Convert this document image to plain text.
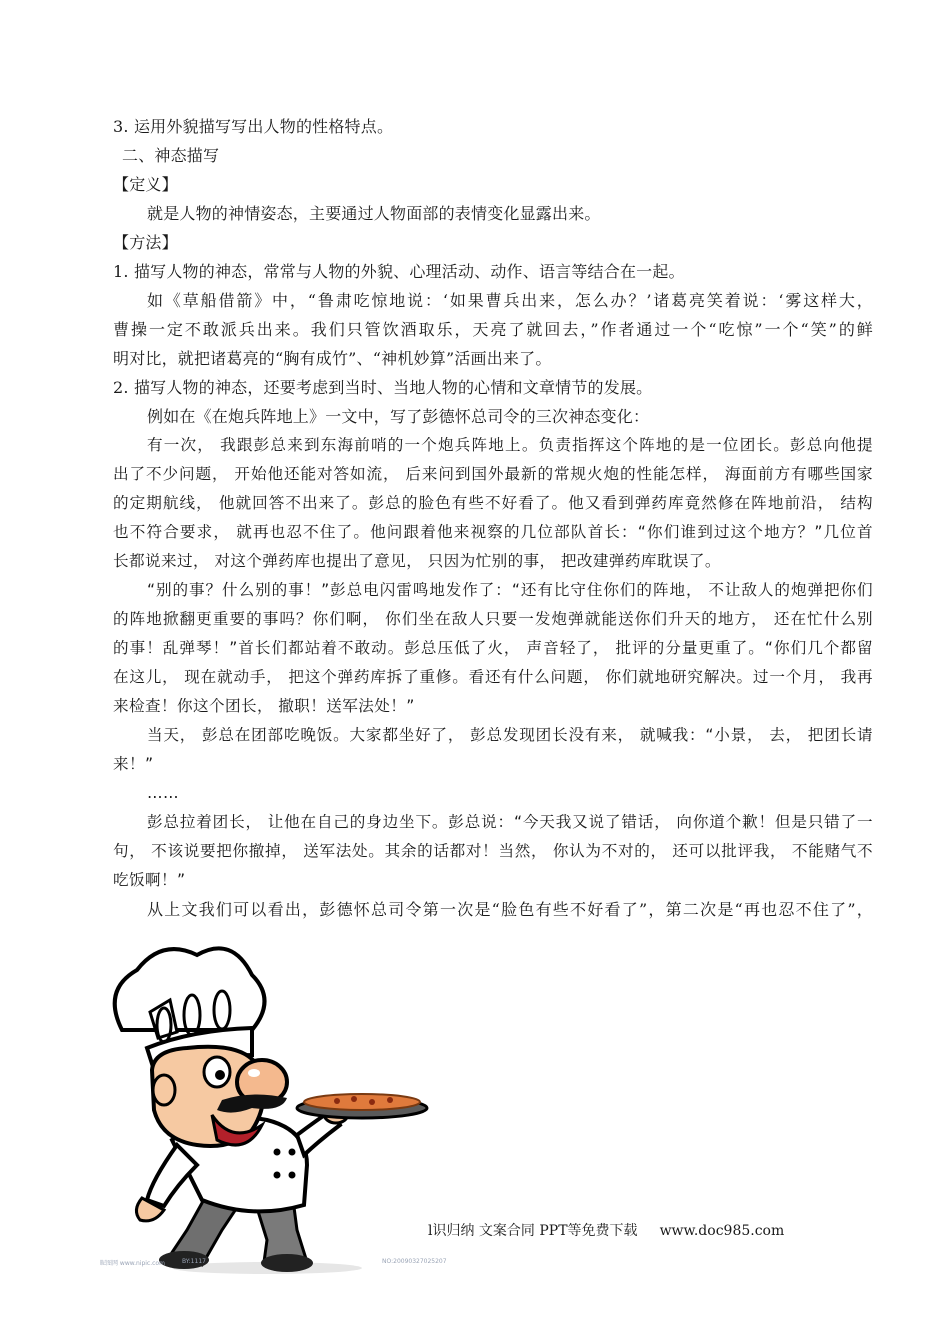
3. 运用外貌描写写出人物的性格特点。
二、神态描写
【定义】
就是人物的神情姿态，主要通过人物面部的表情变化显露出来。
【方法】
1. 描写人物的神态，常常与人物的外貌、心理活动、动作、语言等结合在一起。
如《草船借箭》中，“鲁肃吃惊地说：‘如果曹兵出来，怎么办？’诸葛亮笑着说：‘雾这样大，
曹操一定不敢派兵出来。我们只管饮酒取乐，天亮了就回去，”作者通过一个“吃惊”一个“笑”的鲜
明对比，就把诸葛亮的“胸有成竹”、“神机妙算”活画出来了。
2. 描写人物的神态，还要考虑到当时、当地人物的心情和文章情节的发展。
例如在《在炮兵阵地上》一文中，写了彭德怀总司令的三次神态变化：
有一次， 我跟彭总来到东海前哨的一个炮兵阵地上。负责指挥这个阵地的是一位团长。彭总向他提
出了不少问题， 开始他还能对答如流， 后来问到国外最新的常规火炮的性能怎样， 海面前方有哪些国家
的定期航线， 他就回答不出来了。彭总的脸色有些不好看了。他又看到弹药库竟然修在阵地前沿， 结构
也不符合要求， 就再也忍不住了。他问跟着他来视察的几位部队首长：“你们谁到过这个地方？”几位首
长都说来过， 对这个弹药库也提出了意见， 只因为忙别的事， 把改建弹药库耽误了。
“别的事？什么别的事！”彭总电闪雷鸣地发作了：“还有比守住你们的阵地， 不让敌人的炮弹把你们
的阵地掀翻更重要的事吗？你们啊， 你们坐在敌人只要一发炮弹就能送你们升天的地方， 还在忙什么别
的事！乱弹琴！”首长们都站着不敢动。彭总压低了火， 声音轻了， 批评的分量更重了。“你们几个都留
在这儿， 现在就动手， 把这个弹药库拆了重修。看还有什么问题， 你们就地研究解决。过一个月， 我再
来检查！你这个团长， 撤职！送军法处！”
当天， 彭总在团部吃晚饭。大家都坐好了， 彭总发现团长没有来， 就喊我：“小景， 去， 把团长请
来！”
……
彭总拉着团长， 让他在自己的身边坐下。彭总说：“今天我又说了错话， 向你道个歉！但是只错了一
句， 不该说要把你撤掉， 送军法处。其余的话都对！当然， 你认为不对的， 还可以批评我， 不能赌气不
吃饭啊！”
从上文我们可以看出，彭德怀总司令第一次是“脸色有些不好看了”，第二次是“再也忍不住了”，
昵图网 www.nipic.com	BY:1117	NO:20090327025207
l识归纳 文案合同 PPT等免费下载 www.doc985.com
